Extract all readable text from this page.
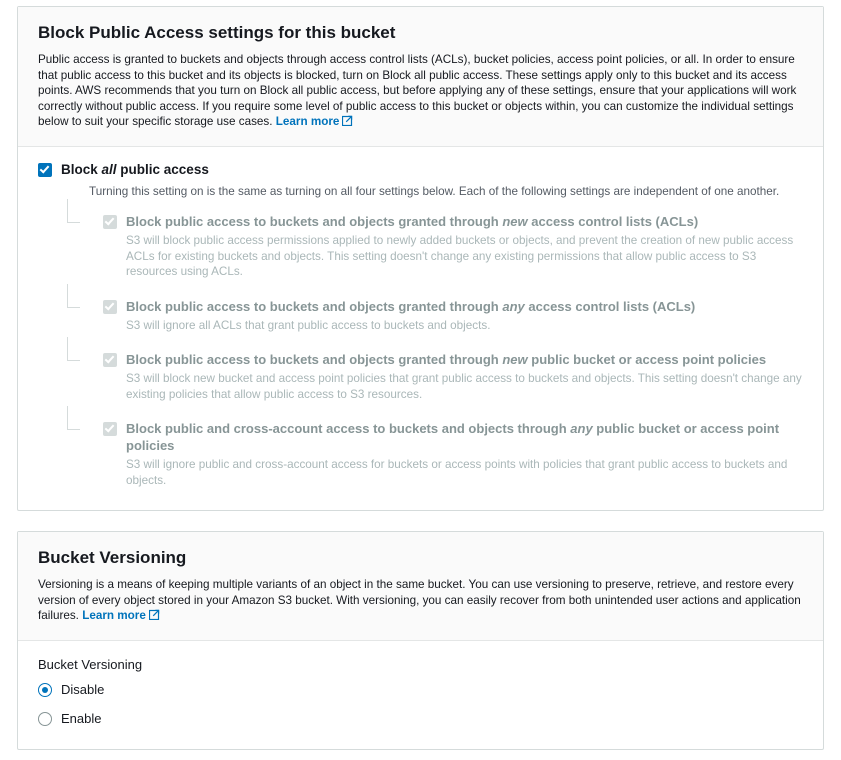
Block Public Access settings for this bucket
Public access is granted to buckets and objects through access control lists (ACLs), bucket policies, access point policies, or all. In order to ensure that public access to this bucket and its objects is blocked, turn on Block all public access. These settings apply only to this bucket and its access points. AWS recommends that you turn on Block all public access, but before applying any of these settings, ensure that your applications will work correctly without public access. If you require some level of public access to this bucket or objects within, you can customize the individual settings below to suit your specific storage use cases. Learn more
Block all public access
Turning this setting on is the same as turning on all four settings below. Each of the following settings are independent of one another.
Block public access to buckets and objects granted through new access control lists (ACLs)
S3 will block public access permissions applied to newly added buckets or objects, and prevent the creation of new public access ACLs for existing buckets and objects. This setting doesn't change any existing permissions that allow public access to S3 resources using ACLs.
Block public access to buckets and objects granted through any access control lists (ACLs)
S3 will ignore all ACLs that grant public access to buckets and objects.
Block public access to buckets and objects granted through new public bucket or access point policies
S3 will block new bucket and access point policies that grant public access to buckets and objects. This setting doesn't change any existing policies that allow public access to S3 resources.
Block public and cross-account access to buckets and objects through any public bucket or access point policies
S3 will ignore public and cross-account access for buckets or access points with policies that grant public access to buckets and objects.
Bucket Versioning
Versioning is a means of keeping multiple variants of an object in the same bucket. You can use versioning to preserve, retrieve, and restore every version of every object stored in your Amazon S3 bucket. With versioning, you can easily recover from both unintended user actions and application failures. Learn more
Bucket Versioning
Disable
Enable
